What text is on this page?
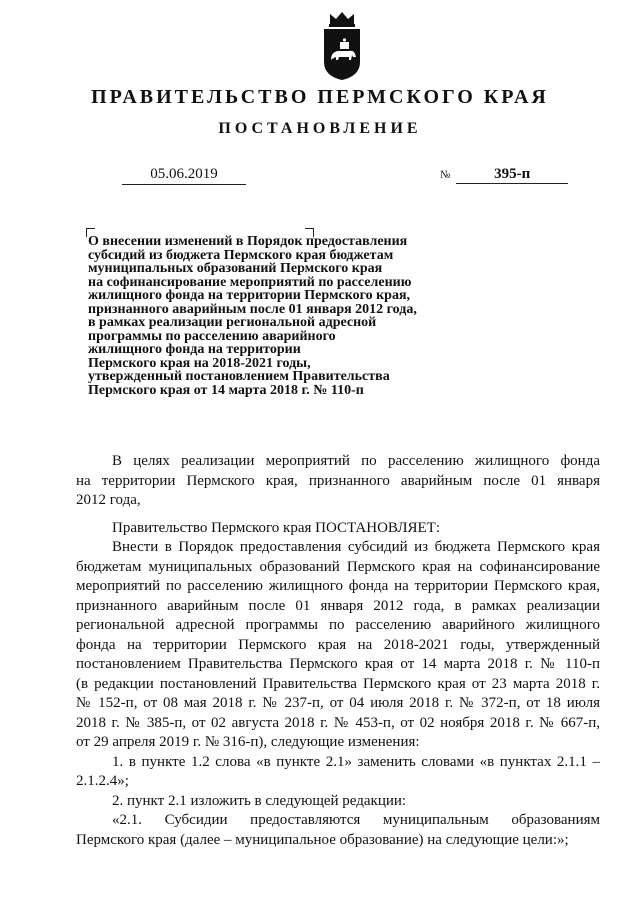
ПРАВИТЕЛЬСТВО ПЕРМСКОГО КРАЯ
ПОСТАНОВЛЕНИЕ
05.06.2019	№	395-п
О внесении изменений в Порядок предоставления
субсидий из бюджета Пермского края бюджетам
муниципальных образований Пермского края
на софинансирование мероприятий по расселению
жилищного фонда на территории Пермского края,
признанного аварийным после 01 января 2012 года,
в рамках реализации региональной адресной
программы по расселению аварийного
жилищного фонда на территории
Пермского края на 2018-2021 годы,
утвержденный постановлением Правительства
Пермского края от 14 марта 2018 г. № 110-п
В целях реализации мероприятий по расселению жилищного фонда
на территории Пермского края, признанного аварийным после 01 января
2012 года,
Правительство Пермского края ПОСТАНОВЛЯЕТ:
Внести в Порядок предоставления субсидий из бюджета Пермского края
бюджетам муниципальных образований Пермского края на софинансирование
мероприятий по расселению жилищного фонда на территории Пермского края,
признанного аварийным после 01 января 2012 года, в рамках реализации
региональной адресной программы по расселению аварийного жилищного
фонда на территории Пермского края на 2018-2021 годы, утвержденный
постановлением Правительства Пермского края от 14 марта 2018 г. № 110-п
(в редакции постановлений Правительства Пермского края от 23 марта 2018 г.
№ 152-п, от 08 мая 2018 г. № 237-п, от 04 июля 2018 г. № 372-п, от 18 июля
2018 г. № 385-п, от 02 августа 2018 г. № 453-п, от 02 ноября 2018 г. № 667-п,
от 29 апреля 2019 г. № 316-п), следующие изменения:
1. в пункте 1.2 слова «в пункте 2.1» заменить словами «в пунктах 2.1.1 –
2.1.2.4»;
2. пункт 2.1 изложить в следующей редакции:
«2.1. Субсидии предоставляются муниципальным образованиям
Пермского края (далее – муниципальное образование) на следующие цели:»;
